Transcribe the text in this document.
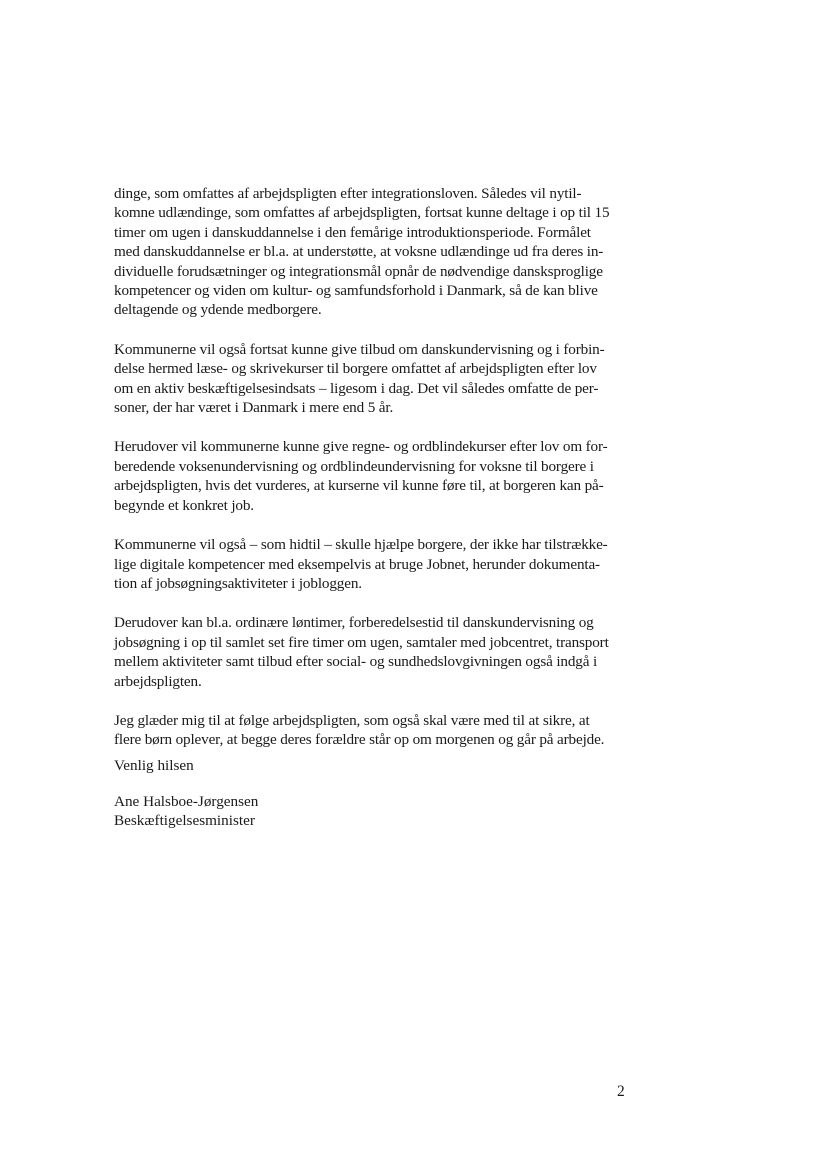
dinge, som omfattes af arbejdspligten efter integrationsloven. Således vil nytil-
komne udlændinge, som omfattes af arbejdspligten, fortsat kunne deltage i op til 15
timer om ugen i danskuddannelse i den femårige introduktionsperiode. Formålet
med danskuddannelse er bl.a. at understøtte, at voksne udlændinge ud fra deres in-
dividuelle forudsætninger og integrationsmål opnår de nødvendige dansksproglige
kompetencer og viden om kultur- og samfundsforhold i Danmark, så de kan blive
deltagende og ydende medborgere.

Kommunerne vil også fortsat kunne give tilbud om danskundervisning og i forbin-
delse hermed læse- og skrivekurser til borgere omfattet af arbejdspligten efter lov
om en aktiv beskæftigelsesindsats – ligesom i dag. Det vil således omfatte de per-
soner, der har været i Danmark i mere end 5 år.

Herudover vil kommunerne kunne give regne- og ordblindekurser efter lov om for-
beredende voksenundervisning og ordblindeundervisning for voksne til borgere i
arbejdspligten, hvis det vurderes, at kurserne vil kunne føre til, at borgeren kan på-
begynde et konkret job.

Kommunerne vil også – som hidtil – skulle hjælpe borgere, der ikke har tilstrække-
lige digitale kompetencer med eksempelvis at bruge Jobnet, herunder dokumenta-
tion af jobsøgningsaktiviteter i jobloggen.

Derudover kan bl.a. ordinære løntimer, forberedelsestid til danskundervisning og
jobsøgning i op til samlet set fire timer om ugen, samtaler med jobcentret, transport
mellem aktiviteter samt tilbud efter social- og sundhedslovgivningen også indgå i
arbejdspligten.

Jeg glæder mig til at følge arbejdspligten, som også skal være med til at sikre, at
flere børn oplever, at begge deres forældre står op om morgenen og går på arbejde.

Venlig hilsen
Ane Halsboe-Jørgensen
Beskæftigelsesminister
2
